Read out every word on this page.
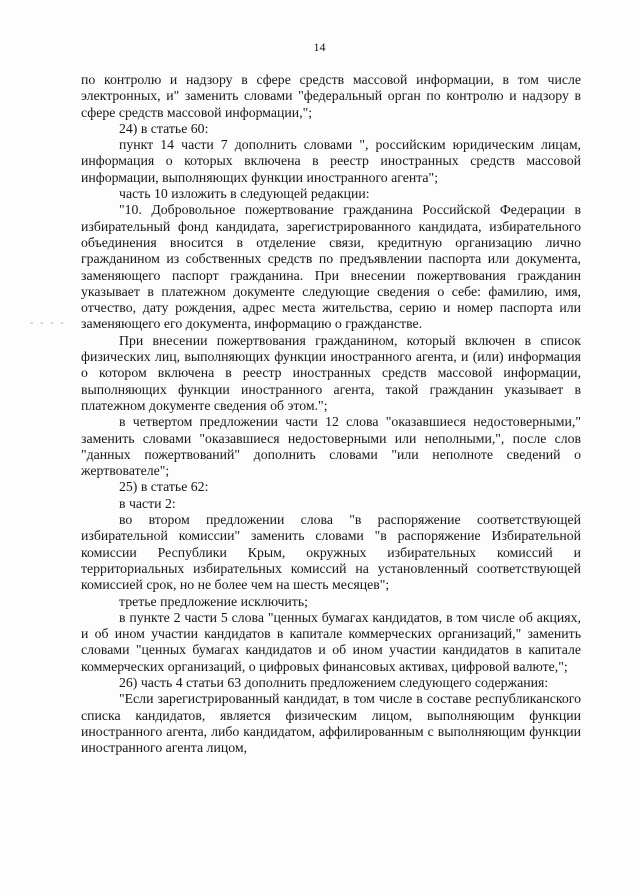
14
- - - -

по контролю и надзору в сфере средств массовой информации, в том числе электронных, и" заменить словами "федеральный орган по контролю и надзору в сфере средств массовой информации,";

24) в статье 60:

пункт 14 части 7 дополнить словами ", российским юридическим лицам, информация о которых включена в реестр иностранных средств массовой информации, выполняющих функции иностранного агента";

часть 10 изложить в следующей редакции:

"10. Добровольное пожертвование гражданина Российской Федерации в избирательный фонд кандидата, зарегистрированного кандидата, избирательного объединения вносится в отделение связи, кредитную организацию лично гражданином из собственных средств по предъявлении паспорта или документа, заменяющего паспорт гражданина. При внесении пожертвования гражданин указывает в платежном документе следующие сведения о себе: фамилию, имя, отчество, дату рождения, адрес места жительства, серию и номер паспорта или заменяющего его документа, информацию о гражданстве.

При внесении пожертвования гражданином, который включен в список физических лиц, выполняющих функции иностранного агента, и (или) информация о котором включена в реестр иностранных средств массовой информации, выполняющих функции иностранного агента, такой гражданин указывает в платежном документе сведения об этом.";

в четвертом предложении части 12 слова "оказавшиеся недостоверными," заменить словами "оказавшиеся недостоверными или неполными,", после слов "данных пожертвований" дополнить словами "или неполноте сведений о жертвователе";

25) в статье 62:

в части 2:

во втором предложении слова "в распоряжение соответствующей избирательной комиссии" заменить словами "в распоряжение Избирательной комиссии Республики Крым, окружных избирательных комиссий и территориальных избирательных комиссий на установленный соответствующей комиссией срок, но не более чем на шесть месяцев";

третье предложение исключить;

в пункте 2 части 5 слова "ценных бумагах кандидатов, в том числе об акциях, и об ином участии кандидатов в капитале коммерческих организаций," заменить словами "ценных бумагах кандидатов и об ином участии кандидатов в капитале коммерческих организаций, о цифровых финансовых активах, цифровой валюте,";

26) часть 4 статьи 63 дополнить предложением следующего содержания:

"Если зарегистрированный кандидат, в том числе в составе республиканского списка кандидатов, является физическим лицом, выполняющим функции иностранного агента, либо кандидатом, аффилированным с выполняющим функции иностранного агента лицом,
